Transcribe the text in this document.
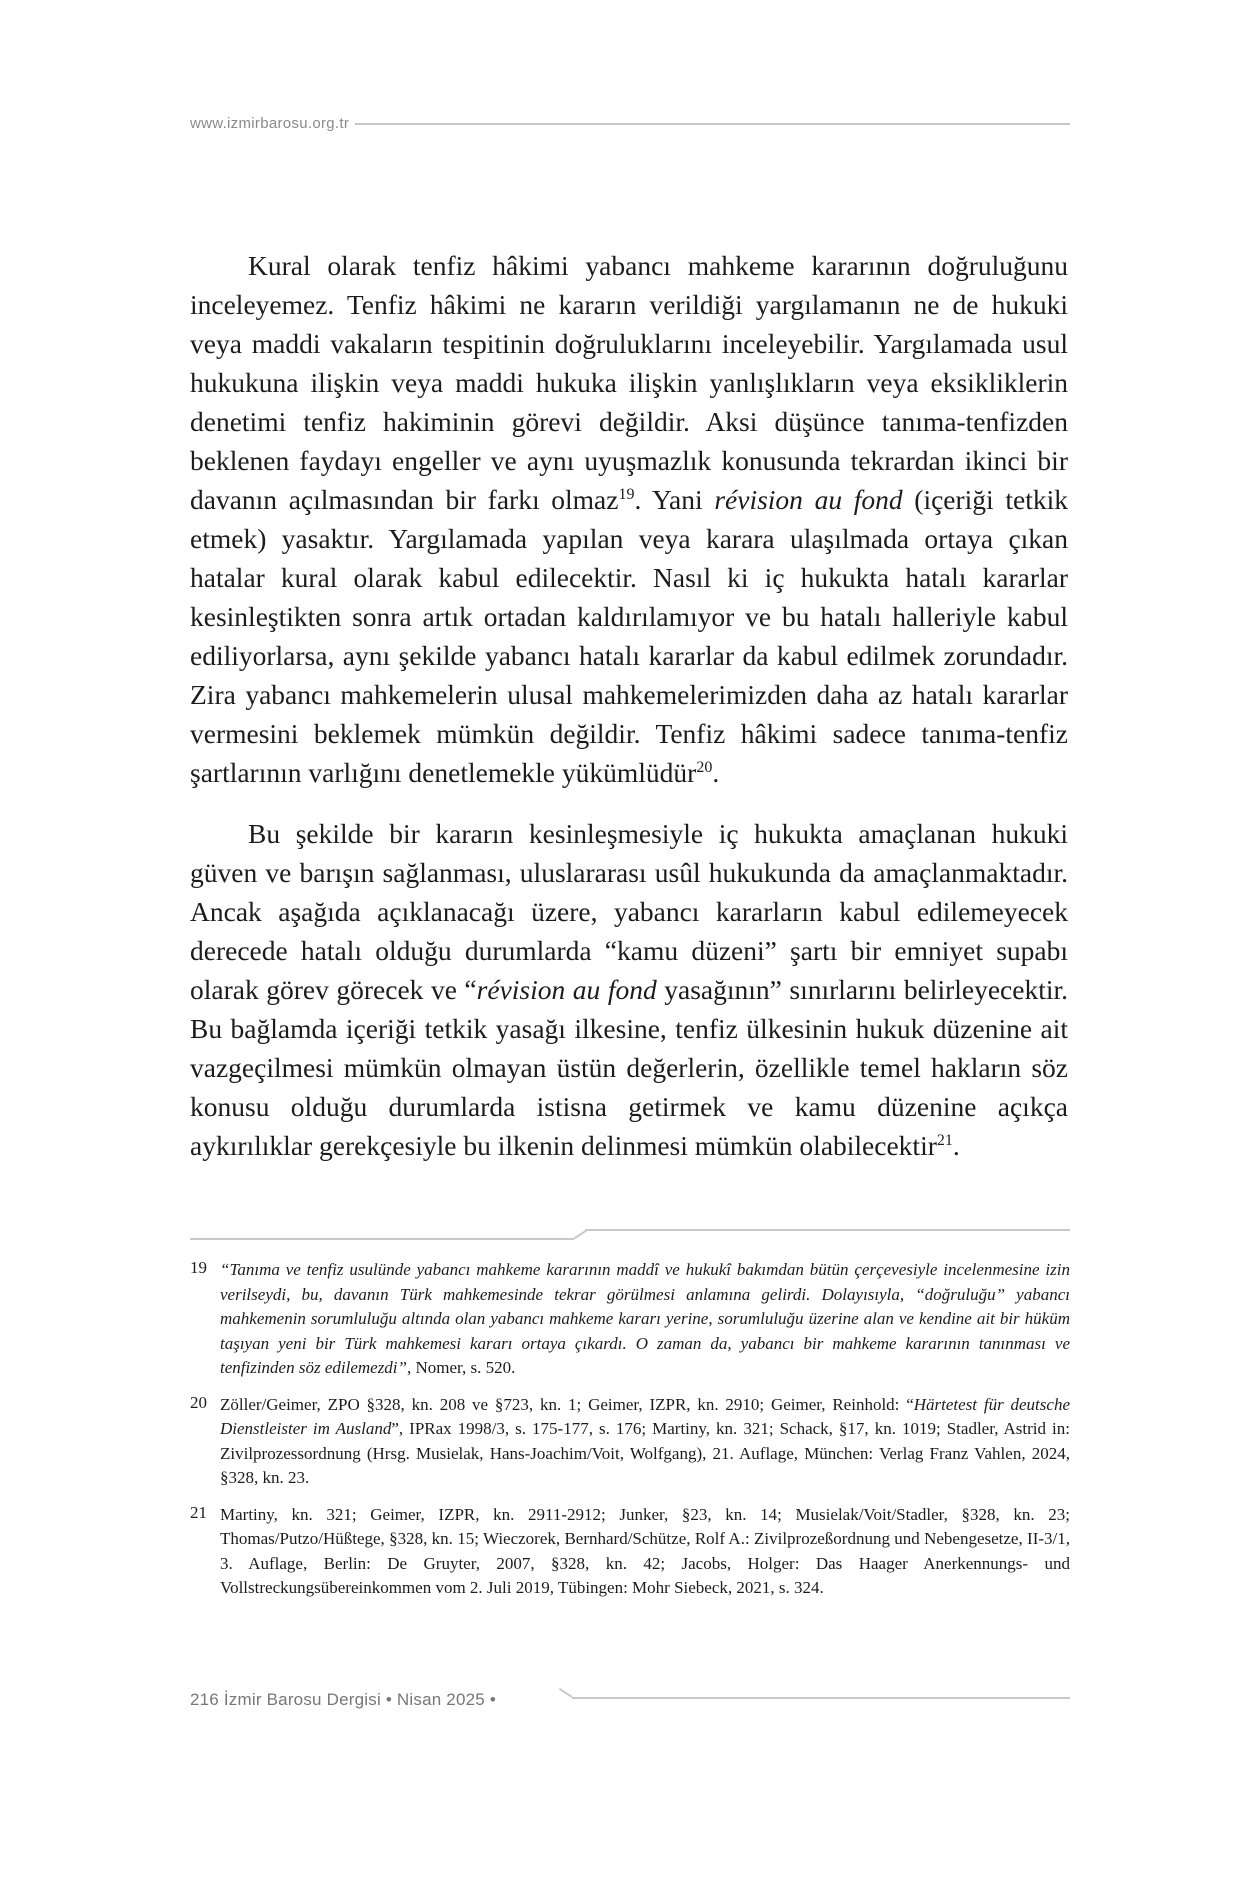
www.izmirbarosu.org.tr

Kural olarak tenfiz hâkimi yabancı mahkeme kararının doğruluğunu inceleyemez. Tenfiz hâkimi ne kararın verildiği yargılamanın ne de hukuki veya maddi vakaların tespitinin doğruluklarını inceleyebilir. Yargılamada usul hukukuna ilişkin veya maddi hukuka ilişkin yanlışlıkların veya eksikliklerin denetimi tenfiz hakiminin görevi değildir. Aksi düşünce tanıma-tenfizden beklenen faydayı engeller ve aynı uyuşmazlık konusunda tekrardan ikinci bir davanın açılmasından bir farkı olmaz$^{19}$. Yani révision au fond (içeriği tetkik etmek) yasaktır. Yargılamada yapılan veya karara ulaşılmada ortaya çıkan hatalar kural olarak kabul edilecektir. Nasıl ki iç hukukta hatalı kararlar kesinleştikten sonra artık ortadan kaldırılamıyor ve bu hatalı halleriyle kabul ediliyorlarsa, aynı şekilde yabancı hatalı kararlar da kabul edilmek zorundadır. Zira yabancı mahkemelerin ulusal mahkemelerimizden daha az hatalı kararlar vermesini beklemek mümkün değildir. Tenfiz hâkimi sadece tanıma-tenfiz şartlarının varlığını denetlemekle yükümlüdür$^{20}$.

Bu şekilde bir kararın kesinleşmesiyle iç hukukta amaçlanan hukuki güven ve barışın sağlanması, uluslararası usûl hukukunda da amaçlanmaktadır. Ancak aşağıda açıklanacağı üzere, yabancı kararların kabul edilemeyecek derecede hatalı olduğu durumlarda “kamu düzeni” şartı bir emniyet supabı olarak görev görecek ve “révision au fond yasağının” sınırlarını belirleyecektir. Bu bağlamda içeriği tetkik yasağı ilkesine, tenfiz ülkesinin hukuk düzenine ait vazgeçilmesi mümkün olmayan üstün değerlerin, özellikle temel hakların söz konusu olduğu durumlarda istisna getirmek ve kamu düzenine açıkça aykırılıklar gerekçesiyle bu ilkenin delinmesi mümkün olabilecektir$^{21}$.

19 “Tanıma ve tenfiz usulünde yabancı mahkeme kararının maddî ve hukukî bakımdan bütün çerçevesiyle incelenmesine izin verilseydi, bu, davanın Türk mahkemesinde tekrar görülmesi anlamına gelirdi. Dolayısıyla, “doğruluğu” yabancı mahkemenin sorumluluğu altında olan yabancı mahkeme kararı yerine, sorumluluğu üzerine alan ve kendine ait bir hüküm taşıyan yeni bir Türk mahkemesi kararı ortaya çıkardı. O zaman da, yabancı bir mahkeme kararının tanınması ve tenfizinden söz edilemezdi”, Nomer, s. 520.
20 Zöller/Geimer, ZPO §328, kn. 208 ve §723, kn. 1; Geimer, IZPR, kn. 2910; Geimer, Reinhold: “Härtetest für deutsche Dienstleister im Ausland”, IPRax 1998/3, s. 175-177, s. 176; Martiny, kn. 321; Schack, §17, kn. 1019; Stadler, Astrid in: Zivilprozessordnung (Hrsg. Musielak, Hans-Joachim/Voit, Wolfgang), 21. Auflage, München: Verlag Franz Vahlen, 2024, §328, kn. 23.
21 Martiny, kn. 321; Geimer, IZPR, kn. 2911-2912; Junker, §23, kn. 14; Musielak/Voit/Stadler, §328, kn. 23; Thomas/Putzo/Hüßtege, §328, kn. 15; Wieczorek, Bernhard/Schütze, Rolf A.: Zivilprozeßordnung und Nebengesetze, II-3/1, 3. Auflage, Berlin: De Gruyter, 2007, §328, kn. 42; Jacobs, Holger: Das Haager Anerkennungs- und Vollstreckungsübereinkommen vom 2. Juli 2019, Tübingen: Mohr Siebeck, 2021, s. 324.
216 İzmir Barosu Dergisi • Nisan 2025 •
